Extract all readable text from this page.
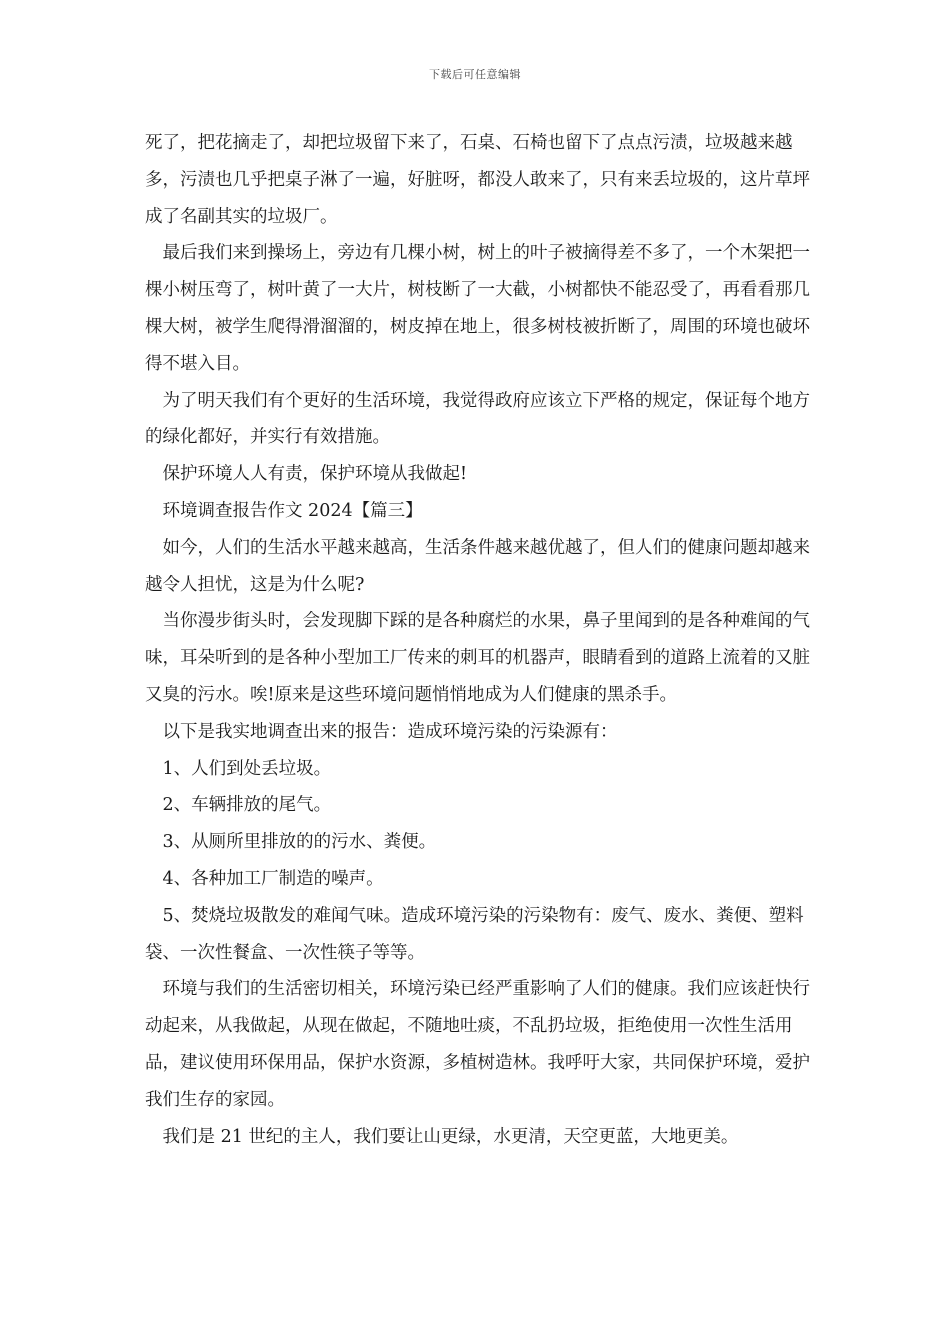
下载后可任意编辑

死了，把花摘走了，却把垃圾留下来了，石桌、石椅也留下了点点污渍，垃圾越来越多，污渍也几乎把桌子淋了一遍，好脏呀，都没人敢来了，只有来丢垃圾的，这片草坪成了名副其实的垃圾厂。

最后我们来到操场上，旁边有几棵小树，树上的叶子被摘得差不多了，一个木架把一棵小树压弯了，树叶黄了一大片，树枝断了一大截，小树都快不能忍受了，再看看那几棵大树，被学生爬得滑溜溜的，树皮掉在地上，很多树枝被折断了，周围的环境也破坏得不堪入目。

为了明天我们有个更好的生活环境，我觉得政府应该立下严格的规定，保证每个地方的绿化都好，并实行有效措施。

保护环境人人有责，保护环境从我做起!

环境调查报告作文 2024【篇三】

如今，人们的生活水平越来越高，生活条件越来越优越了，但人们的健康问题却越来越令人担忧，这是为什么呢?

当你漫步街头时，会发现脚下踩的是各种腐烂的水果，鼻子里闻到的是各种难闻的气味，耳朵听到的是各种小型加工厂传来的刺耳的机器声，眼睛看到的道路上流着的又脏又臭的污水。唉!原来是这些环境问题悄悄地成为人们健康的黑杀手。

以下是我实地调查出来的报告：造成环境污染的污染源有：

1、人们到处丢垃圾。

2、车辆排放的尾气。

3、从厕所里排放的的污水、粪便。

4、各种加工厂制造的噪声。

5、焚烧垃圾散发的难闻气味。造成环境污染的污染物有：废气、废水、粪便、塑料袋、一次性餐盒、一次性筷子等等。

环境与我们的生活密切相关，环境污染已经严重影响了人们的健康。我们应该赶快行动起来，从我做起，从现在做起，不随地吐痰，不乱扔垃圾，拒绝使用一次性生活用品，建议使用环保用品，保护水资源，多植树造林。我呼吁大家，共同保护环境，爱护我们生存的家园。

我们是 21 世纪的主人，我们要让山更绿，水更清，天空更蓝，大地更美。
